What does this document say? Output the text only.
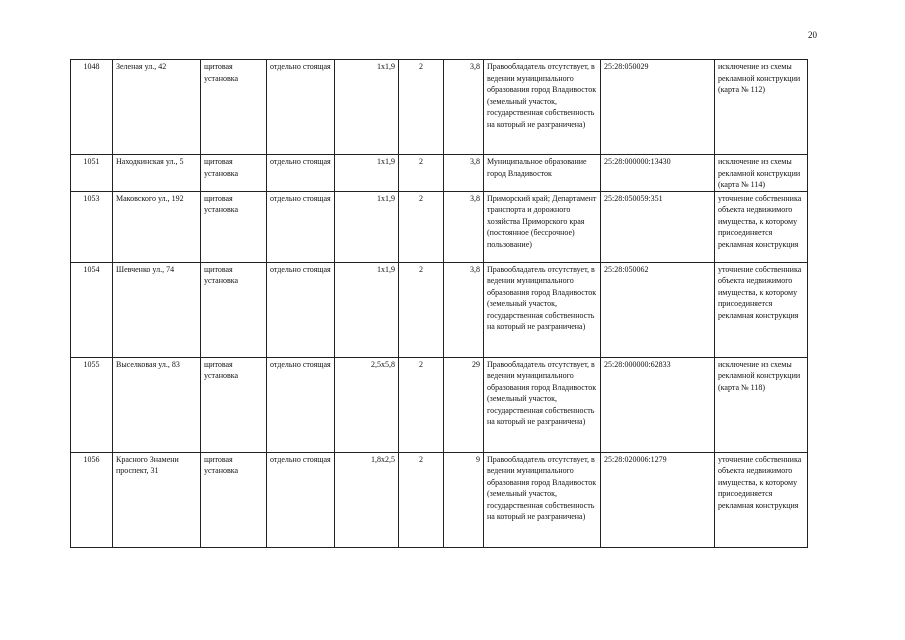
20
1048	Зеленая ул., 42	щитовая установка	отдельно стоящая	1x1,9	2	3,8	Правообладатель отсутствует, в ведении муниципального образования город Владивосток (земельный участок, государственная собственность на который не разграничена)	25:28:050029	исключение из схемы рекламной конструкции (карта № 112)
1051	Находкинская ул., 5	щитовая установка	отдельно стоящая	1x1,9	2	3,8	Муниципальное образование город Владивосток	25:28:000000:13430	исключение из схемы рекламной конструкции (карта № 114)
1053	Маковского ул., 192	щитовая установка	отдельно стоящая	1x1,9	2	3,8	Приморский край; Департамент транспорта и дорожного хозяйства Приморского края (постоянное (бессрочное) пользование)	25:28:050059:351	уточнение собственника объекта недвижимого имущества, к которому присоединяется рекламная конструкция
1054	Шевченко ул., 74	щитовая установка	отдельно стоящая	1x1,9	2	3,8	Правообладатель отсутствует, в ведении муниципального образования город Владивосток (земельный участок, государственная собственность на который не разграничена)	25:28:050062	уточнение собственника объекта недвижимого имущества, к которому присоединяется рекламная конструкция
1055	Выселковая ул., 83	щитовая установка	отдельно стоящая	2,5x5,8	2	29	Правообладатель отсутствует, в ведении муниципального образования город Владивосток (земельный участок, государственная собственность на который не разграничена)	25:28:000000:62833	исключение из схемы рекламной конструкции (карта № 118)
1056	Красного Знамени проспект, 31	щитовая установка	отдельно стоящая	1,8x2,5	2	9	Правообладатель отсутствует, в ведении муниципального образования город Владивосток (земельный участок, государственная собственность на который не разграничена)	25:28:020006:1279	уточнение собственника объекта недвижимого имущества, к которому присоединяется рекламная конструкция
